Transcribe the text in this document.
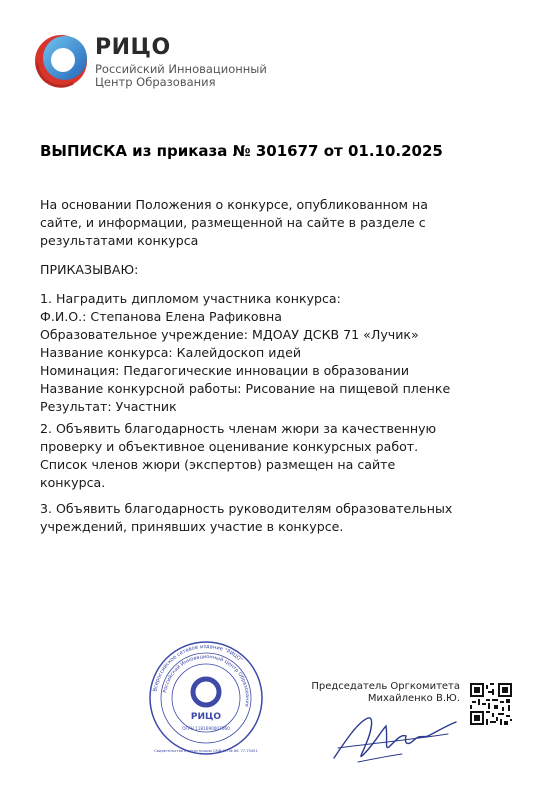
РИЦО
Российский Инновационный
Центр Образования
ВЫПИСКА из приказа № 301677 от 01.10.2025
На основании Положения о конкурсе, опубликованном на сайте, и информации, размещенной на сайте в разделе с результатами конкурса
ПРИКАЗЫВАЮ:

1. Наградить дипломом участника конкурса:

Ф.И.О.: Степанова Елена Рафиковна

Образовательное учреждение: МДОАУ ДСКВ 71 «Лучик»

Название конкурса: Калейдоскоп идей

Номинация: Педагогические инновации в образовании

Название конкурсной работы: Рисование на пищевой пленке

Результат: Участник

2. Объявить благодарность членам жюри за качественную проверку и объективное оценивание конкурсных работ. Список членов жюри (экспертов) размещен на сайте конкурса.
3. Объявить благодарность руководителям образовательных учреждений, принявших участие в конкурсе.
Всероссийское сетевое издание "РИЦО"
Российский Инновационный Центр Образования
РИЦО
ОГРН 1181690007060
Свидетельство о регистрации СМИ ЭЛ № ФС 77-75451
Председатель Оргкомитета
Михайленко В.Ю.
